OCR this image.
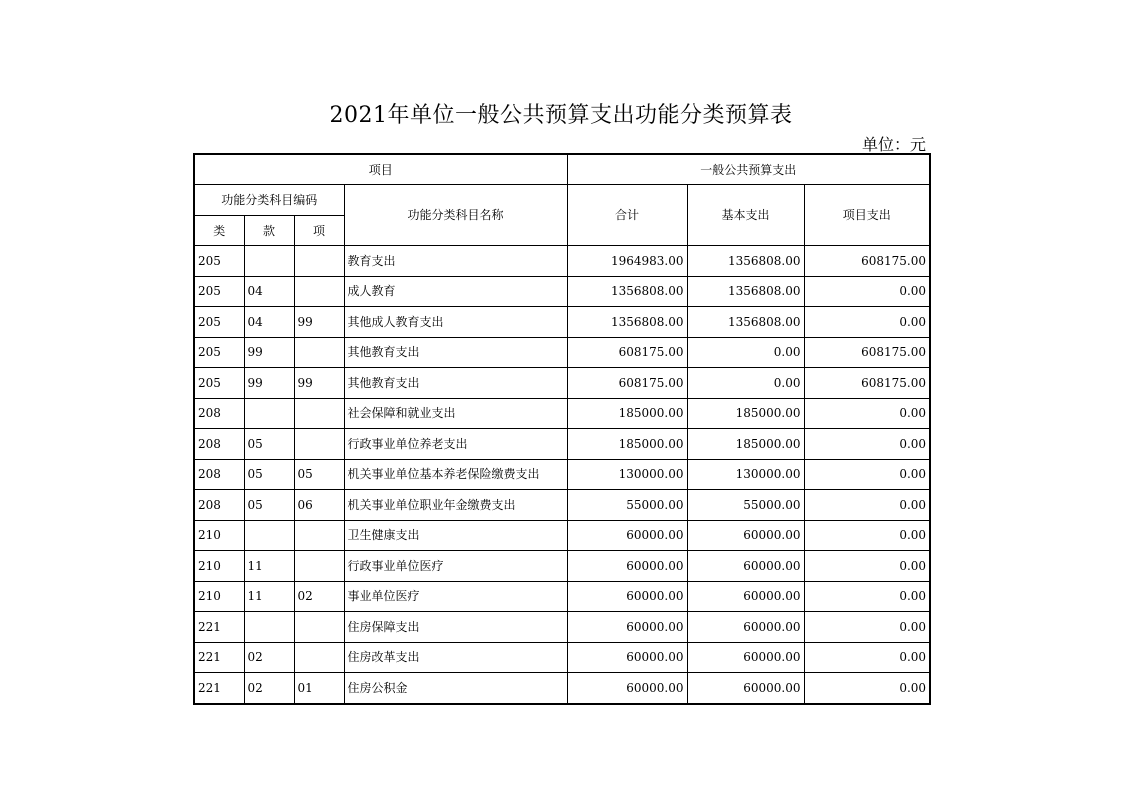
2021年单位一般公共预算支出功能分类预算表
单位：元
项目				一般公共预算支出		
功能分类科目编码			功能分类科目名称	合计	基本支出	项目支出
类	款	项				
205			教育支出	1964983.00	1356808.00	608175.00
205	04		成人教育	1356808.00	1356808.00	0.00
205	04	99	其他成人教育支出	1356808.00	1356808.00	0.00
205	99		其他教育支出	608175.00	0.00	608175.00
205	99	99	其他教育支出	608175.00	0.00	608175.00
208			社会保障和就业支出	185000.00	185000.00	0.00
208	05		行政事业单位养老支出	185000.00	185000.00	0.00
208	05	05	机关事业单位基本养老保险缴费支出	130000.00	130000.00	0.00
208	05	06	机关事业单位职业年金缴费支出	55000.00	55000.00	0.00
210			卫生健康支出	60000.00	60000.00	0.00
210	11		行政事业单位医疗	60000.00	60000.00	0.00
210	11	02	事业单位医疗	60000.00	60000.00	0.00
221			住房保障支出	60000.00	60000.00	0.00
221	02		住房改革支出	60000.00	60000.00	0.00
221	02	01	住房公积金	60000.00	60000.00	0.00
